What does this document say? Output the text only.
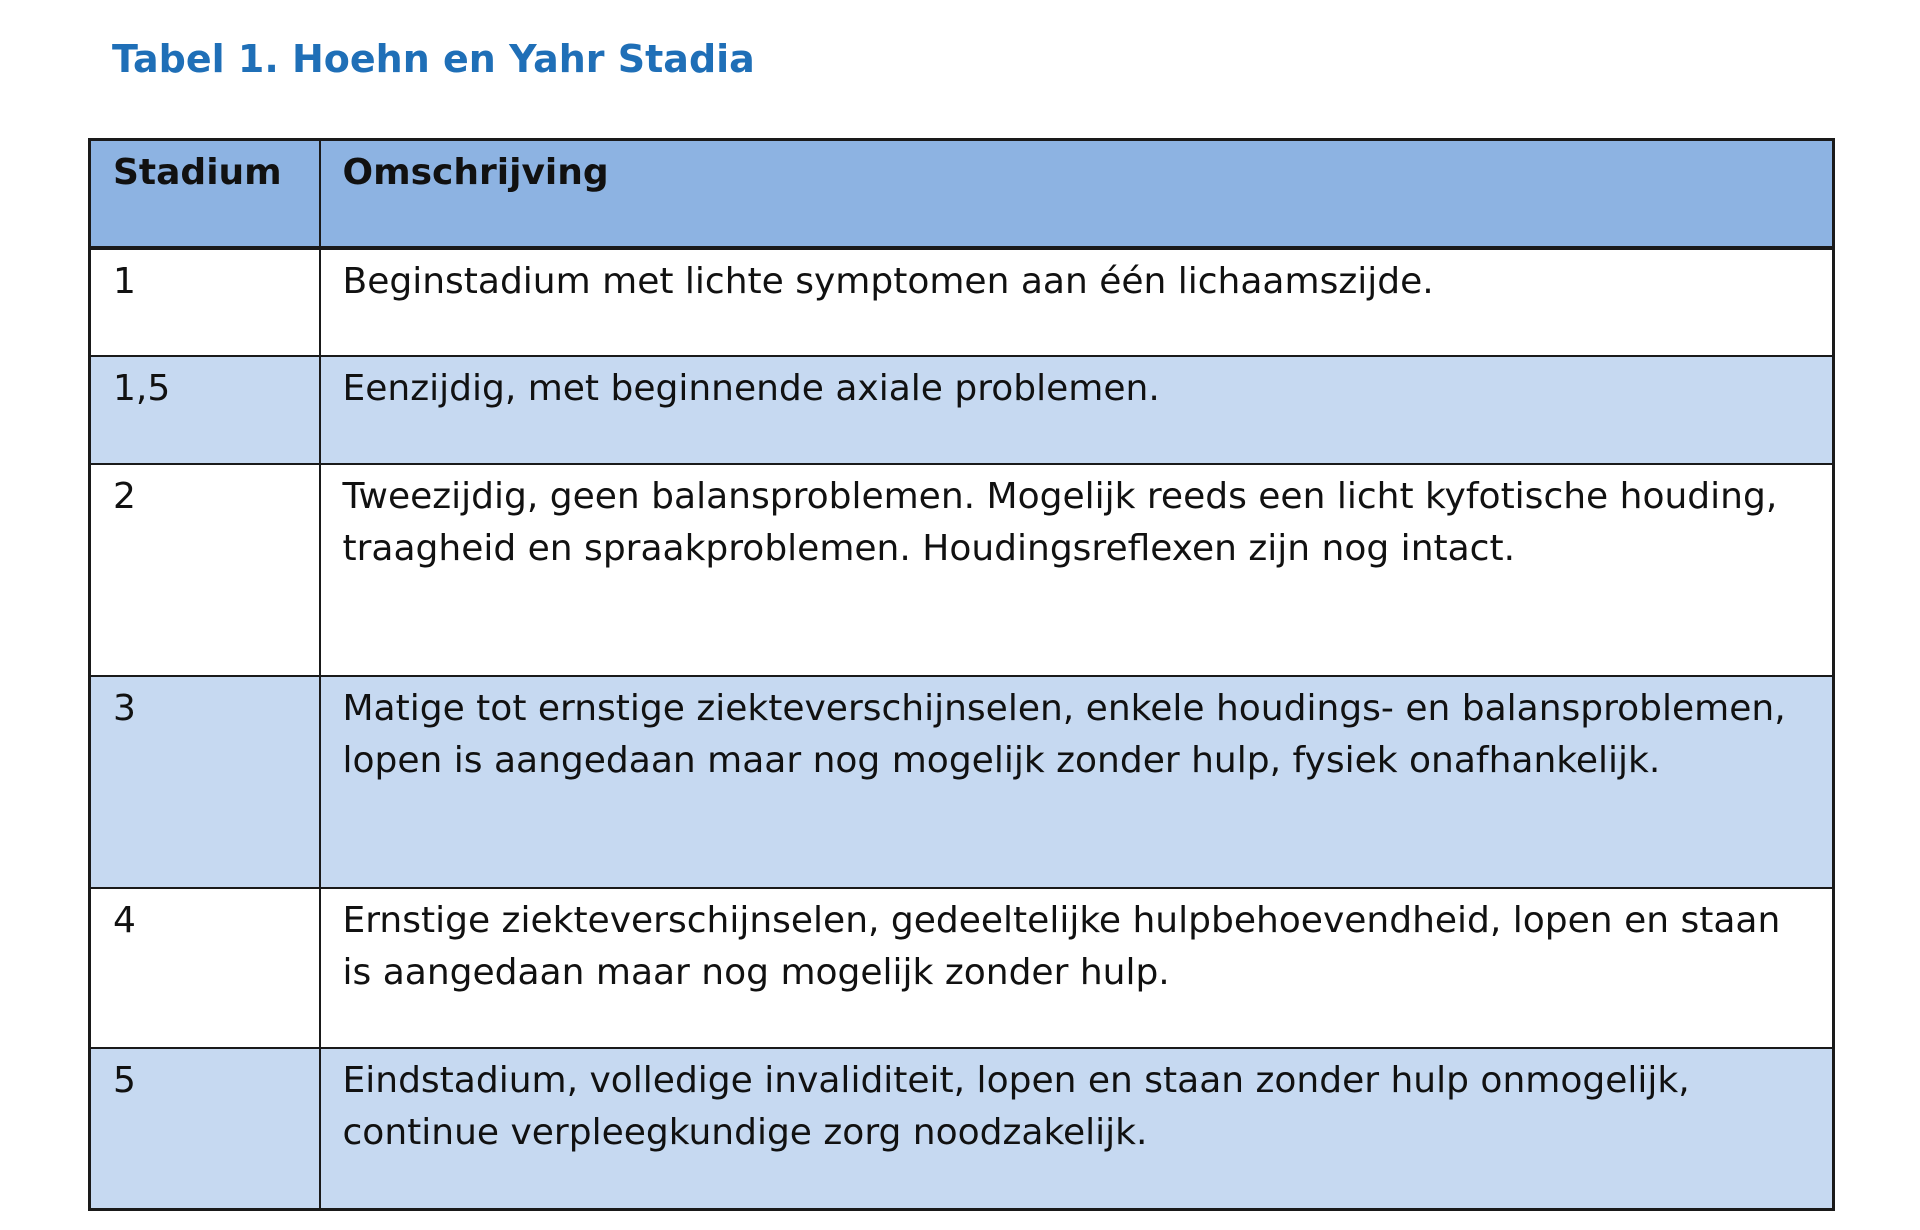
Tabel 1. Hoehn en Yahr Stadia
Stadium	Omschrijving
1	Beginstadium met lichte symptomen aan één lichaamszijde.
1,5	Eenzijdig, met beginnende axiale problemen.
2	Tweezijdig, geen balansproblemen. Mogelijk reeds een licht kyfotische houding, traagheid en spraakproblemen. Houdingsreflexen zijn nog intact.
3	Matige tot ernstige ziekteverschijnselen, enkele houdings- en balansproblemen, lopen is aangedaan maar nog mogelijk zonder hulp, fysiek onafhankelijk.
4	Ernstige ziekteverschijnselen, gedeeltelijke hulpbehoevendheid, lopen en staan is aangedaan maar nog mogelijk zonder hulp.
5	Eindstadium, volledige invaliditeit, lopen en staan zonder hulp onmogelijk, continue verpleegkundige zorg noodzakelijk.
